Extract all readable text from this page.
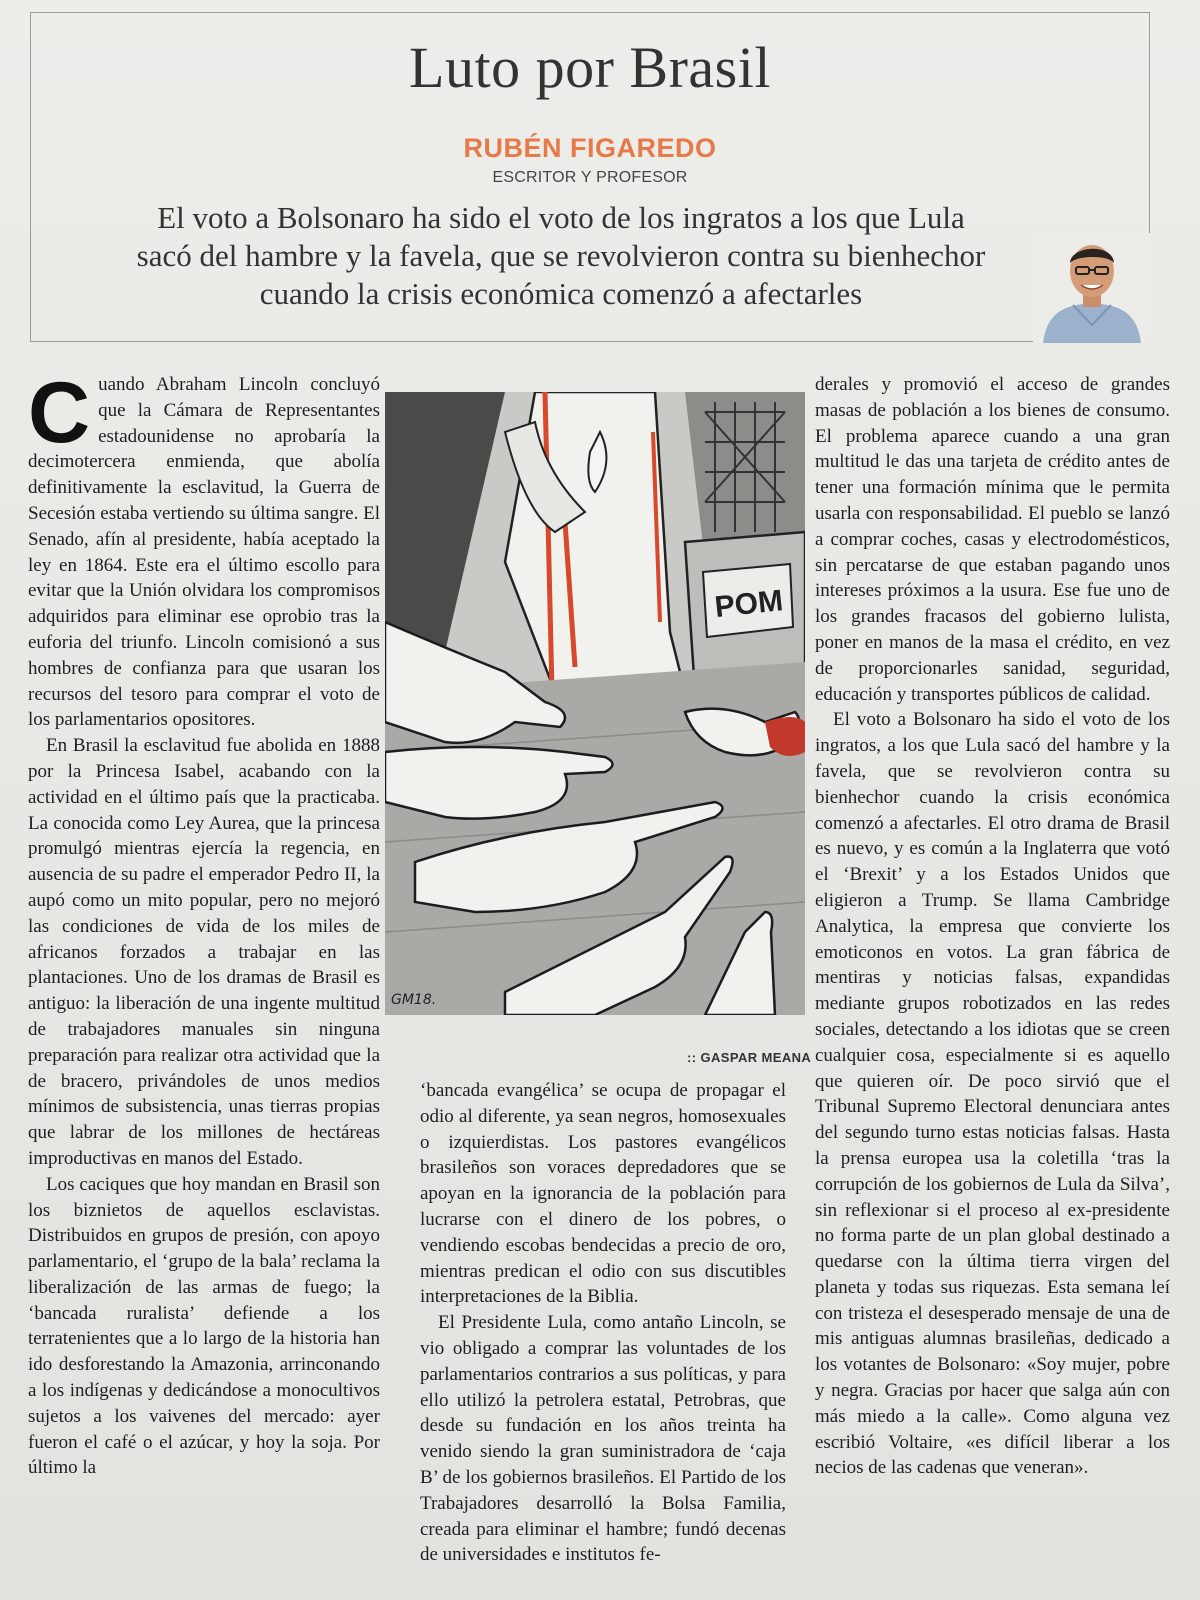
Luto por Brasil
RUBÉN FIGAREDO
ESCRITOR Y PROFESOR
El voto a Bolsonaro ha sido el voto de los ingratos a los que Lula sacó del hambre y la favela, que se revolvieron contra su bienhechor cuando la crisis económica comenzó a afectarles

Cuando Abraham Lincoln concluyó que la Cámara de Representantes estadounidense no aprobaría la decimotercera enmienda, que abolía definitivamente la esclavitud, la Guerra de Secesión estaba vertiendo su última sangre. El Senado, afín al presidente, había aceptado la ley en 1864. Este era el último escollo para evitar que la Unión olvidara los compromisos adquiridos para eliminar ese oprobio tras la euforia del triunfo. Lincoln comisionó a sus hombres de confianza para que usaran los recursos del tesoro para comprar el voto de los parlamentarios opositores.

En Brasil la esclavitud fue abolida en 1888 por la Princesa Isabel, acabando con la actividad en el último país que la practicaba. La conocida como Ley Aurea, que la princesa promulgó mientras ejercía la regencia, en ausencia de su padre el emperador Pedro II, la aupó como un mito popular, pero no mejoró las condiciones de vida de los miles de africanos forzados a trabajar en las plantaciones. Uno de los dramas de Brasil es antiguo: la liberación de una ingente multitud de trabajadores manuales sin ninguna preparación para realizar otra actividad que la de bracero, privándoles de unos medios mínimos de subsistencia, unas tierras propias que labrar de los millones de hectáreas improductivas en manos del Estado.

Los caciques que hoy mandan en Brasil son los biznietos de aquellos esclavistas. Distribuidos en grupos de presión, con apoyo parlamentario, el ‘grupo de la bala’ reclama la liberalización de las armas de fuego; la ‘bancada ruralista’ defiende a los terratenientes que a lo largo de la historia han ido desforestando la Amazonia, arrinconando a los indígenas y dedicándose a monocultivos sujetos a los vaivenes del mercado: ayer fueron el café o el azúcar, y hoy la soja. Por último la

POM
GM18.
:: GASPAR MEANA

‘bancada evangélica’ se ocupa de propagar el odio al diferente, ya sean negros, homosexuales o izquierdistas. Los pastores evangélicos brasileños son voraces depredadores que se apoyan en la ignorancia de la población para lucrarse con el dinero de los pobres, o vendiendo escobas bendecidas a precio de oro, mientras predican el odio con sus discutibles interpretaciones de la Biblia.

El Presidente Lula, como antaño Lincoln, se vio obligado a comprar las voluntades de los parlamentarios contrarios a sus políticas, y para ello utilizó la petrolera estatal, Petrobras, que desde su fundación en los años treinta ha venido siendo la gran suministradora de ‘caja B’ de los gobiernos brasileños. El Partido de los Trabajadores desarrolló la Bolsa Familia, creada para eliminar el hambre; fundó decenas de universidades e institutos fe-

derales y promovió el acceso de grandes masas de población a los bienes de consumo. El problema aparece cuando a una gran multitud le das una tarjeta de crédito antes de tener una formación mínima que le permita usarla con responsabilidad. El pueblo se lanzó a comprar coches, casas y electrodomésticos, sin percatarse de que estaban pagando unos intereses próximos a la usura. Ese fue uno de los grandes fracasos del gobierno lulista, poner en manos de la masa el crédito, en vez de proporcionarles sanidad, seguridad, educación y transportes públicos de calidad.

El voto a Bolsonaro ha sido el voto de los ingratos, a los que Lula sacó del hambre y la favela, que se revolvieron contra su bienhechor cuando la crisis económica comenzó a afectarles. El otro drama de Brasil es nuevo, y es común a la Inglaterra que votó el ‘Brexit’ y a los Estados Unidos que eligieron a Trump. Se llama Cambridge Analytica, la empresa que convierte los emoticonos en votos. La gran fábrica de mentiras y noticias falsas, expandidas mediante grupos robotizados en las redes sociales, detectando a los idiotas que se creen cualquier cosa, especialmente si es aquello que quieren oír. De poco sirvió que el Tribunal Supremo Electoral denunciara antes del segundo turno estas noticias falsas. Hasta la prensa europea usa la coletilla ‘tras la corrupción de los gobiernos de Lula da Silva’, sin reflexionar si el proceso al ex-presidente no forma parte de un plan global destinado a quedarse con la última tierra virgen del planeta y todas sus riquezas. Esta semana leí con tristeza el desesperado mensaje de una de mis antiguas alumnas brasileñas, dedicado a los votantes de Bolsonaro: «Soy mujer, pobre y negra. Gracias por hacer que salga aún con más miedo a la calle». Como alguna vez escribió Voltaire, «es difícil liberar a los necios de las cadenas que veneran».
